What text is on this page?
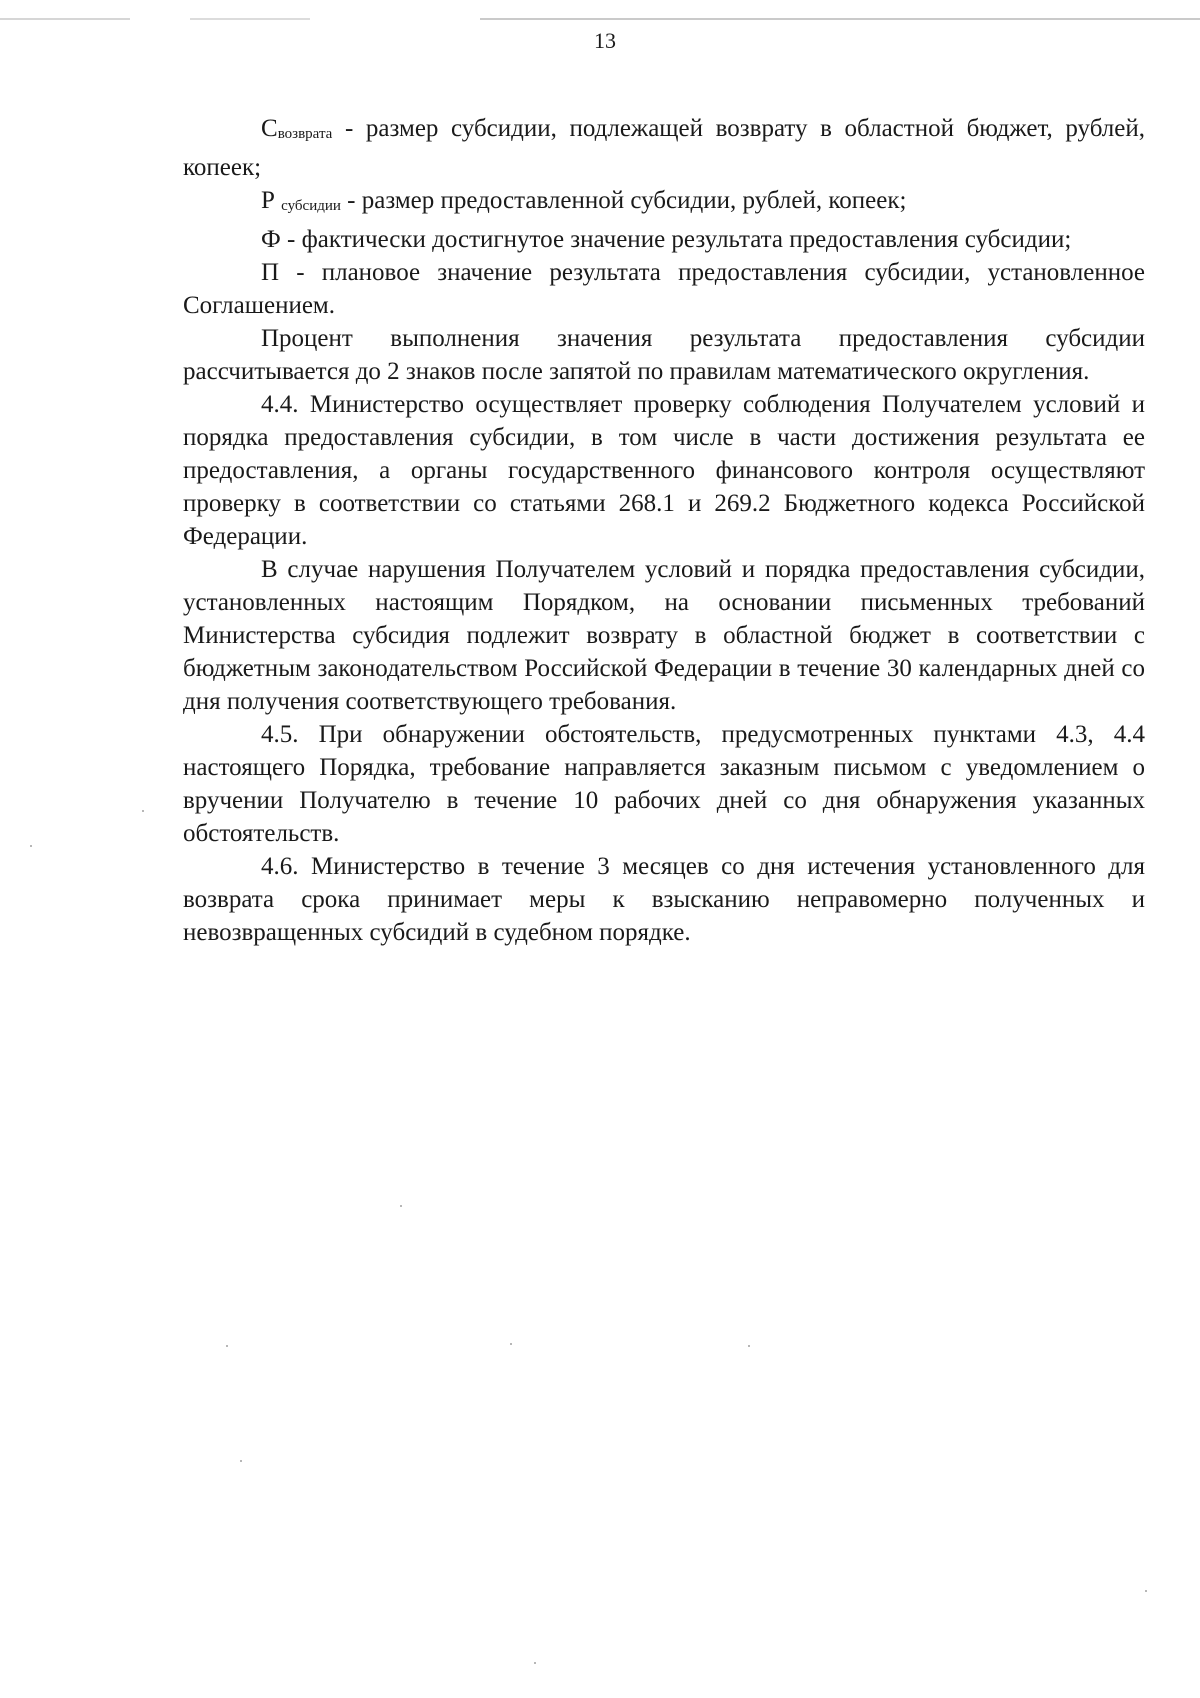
13

Cвозврата - размер субсидии, подлежащей возврату в областной бюджет, рублей, копеек;

Р субсидии - размер предоставленной субсидии, рублей, копеек;

Ф - фактически достигнутое значение результата предоставления субсидии;

П - плановое значение результата предоставления субсидии, установленное Соглашением.

Процент выполнения значения результата предоставления субсидии рассчитывается до 2 знаков после запятой по правилам математического округления.

4.4. Министерство осуществляет проверку соблюдения Получателем условий и порядка предоставления субсидии, в том числе в части достижения результата ее предоставления, а органы государственного финансового контроля осуществляют проверку в соответствии со статьями 268.1 и 269.2 Бюджетного кодекса Российской Федерации.

В случае нарушения Получателем условий и порядка предоставления субсидии, установленных настоящим Порядком, на основании письменных требований Министерства субсидия подлежит возврату в областной бюджет в соответствии с бюджетным законодательством Российской Федерации в течение 30 календарных дней со дня получения соответствующего требования.

4.5. При обнаружении обстоятельств, предусмотренных пунктами 4.3, 4.4 настоящего Порядка, требование направляется заказным письмом с уведомлением о вручении Получателю в течение 10 рабочих дней со дня обнаружения указанных обстоятельств.

4.6. Министерство в течение 3 месяцев со дня истечения установленного для возврата срока принимает меры к взысканию неправомерно полученных и невозвращенных субсидий в судебном порядке.
